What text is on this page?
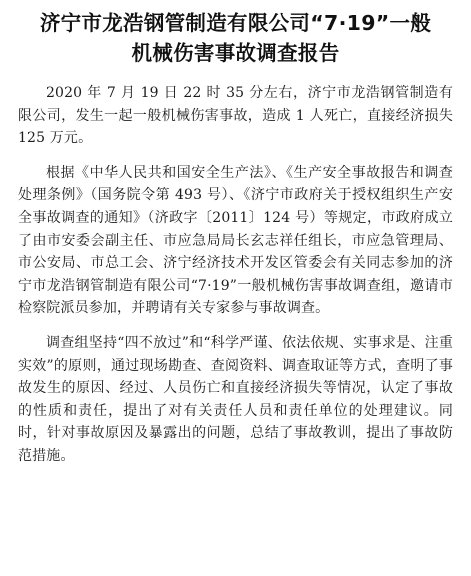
济宁市龙浩钢管制造有限公司“7·19”一般
机械伤害事故调查报告

2020 年 7 月 19 日 22 时 35 分左右，济宁市龙浩钢管制造有限公司，发生一起一般机械伤害事故，造成 1 人死亡，直接经济损失 125 万元。

根据《中华人民共和国安全生产法》、《生产安全事故报告和调查处理条例》（国务院令第 493 号）、《济宁市政府关于授权组织生产安全事故调查的通知》（济政字〔2011〕124 号）等规定，市政府成立了由市安委会副主任、市应急局局长玄志祥任组长，市应急管理局、市公安局、市总工会、济宁经济技术开发区管委会有关同志参加的济宁市龙浩钢管制造有限公司“7·19”一般机械伤害事故调查组，邀请市检察院派员参加，并聘请有关专家参与事故调查。

调查组坚持“四不放过”和“科学严谨、依法依规、实事求是、注重实效”的原则，通过现场勘查、查阅资料、调查取证等方式，查明了事故发生的原因、经过、人员伤亡和直接经济损失等情况，认定了事故的性质和责任，提出了对有关责任人员和责任单位的处理建议。同时，针对事故原因及暴露出的问题，总结了事故教训，提出了事故防范措施。
